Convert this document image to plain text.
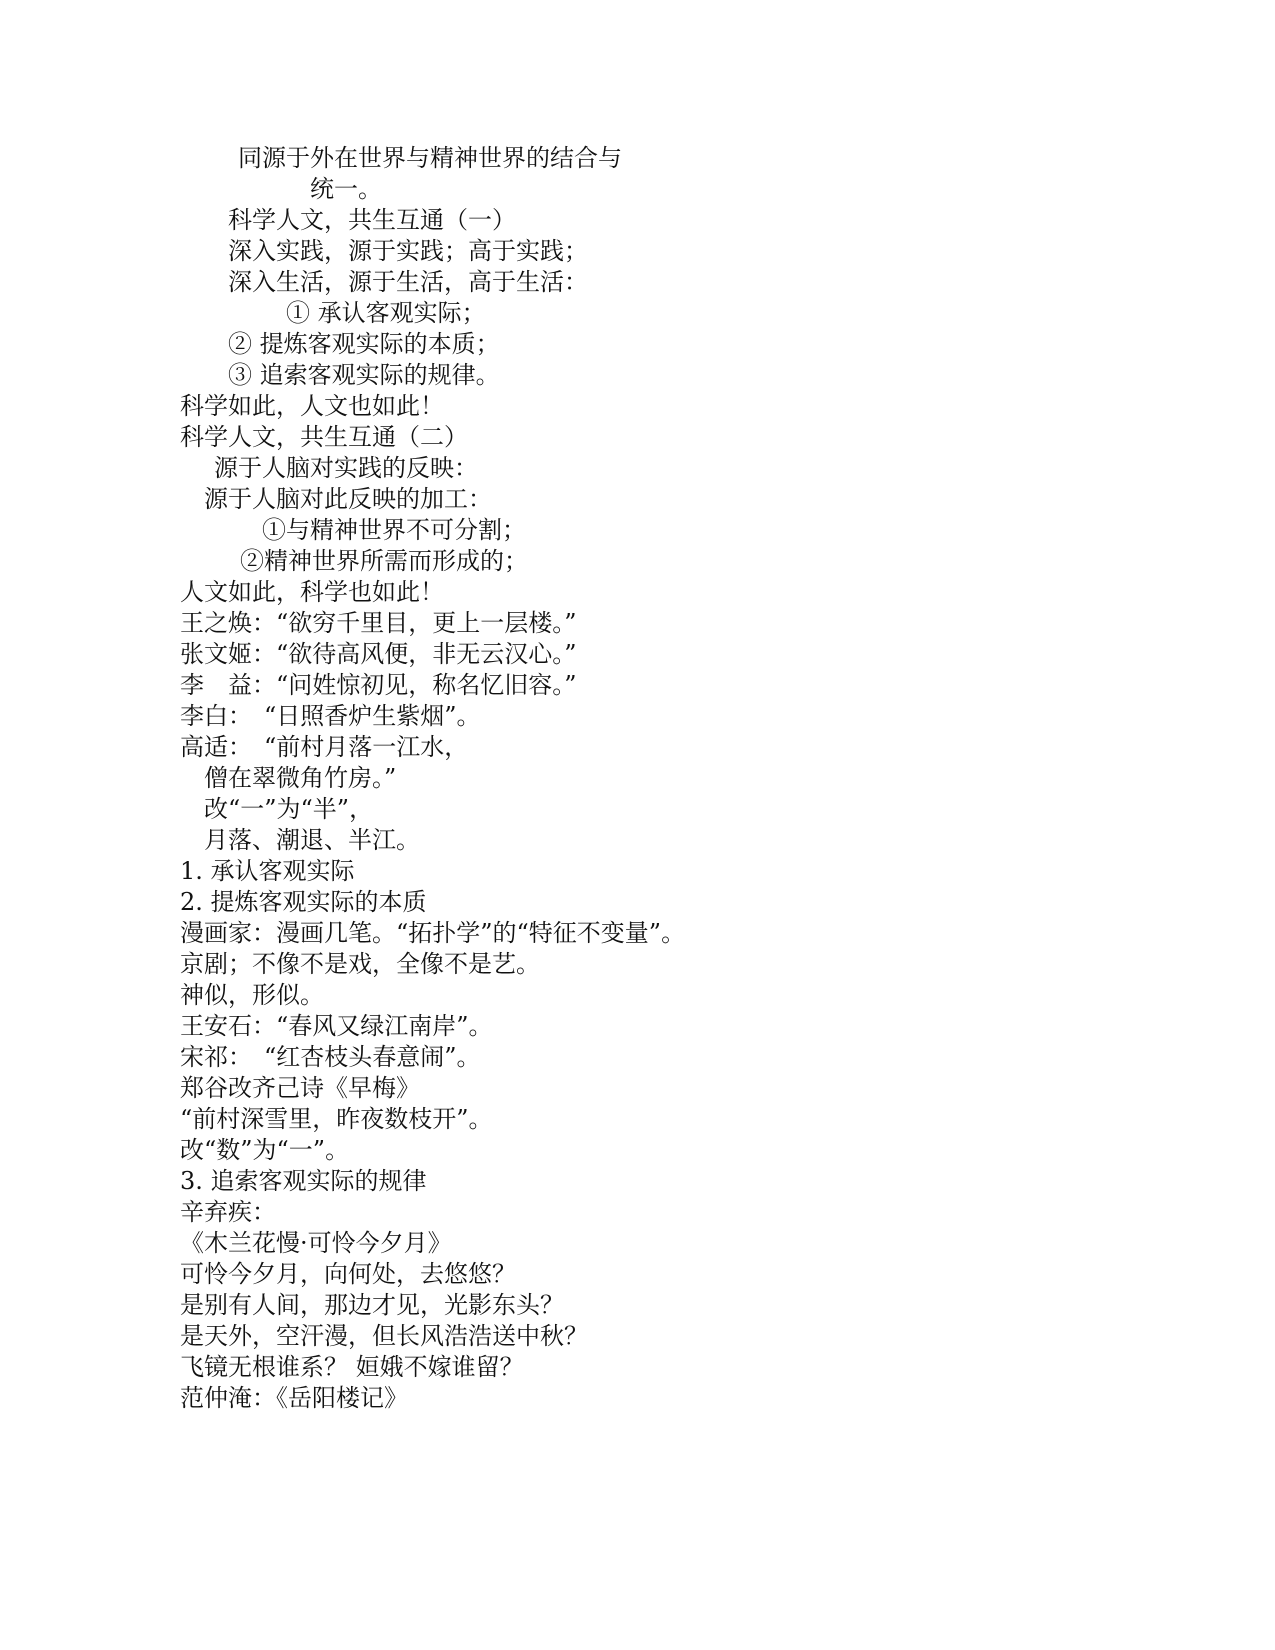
同源于外在世界与精神世界的结合与
统一。
科学人文，共生互通（一）
深入实践，源于实践；高于实践；
深入生活，源于生活，高于生活：
① 承认客观实际；
② 提炼客观实际的本质；
③ 追索客观实际的规律。
科学如此，人文也如此！
科学人文，共生互通（二）
源于人脑对实践的反映：
源于人脑对此反映的加工：
①与精神世界不可分割；
②精神世界所需而形成的；
人文如此，科学也如此！
王之焕：“欲穷千里目，更上一层楼。”
张文姬：“欲待高风便，非无云汉心。”
李　益：“问姓惊初见，称名忆旧容。”
李白：　“日照香炉生紫烟”。
高适：　“前村月落一江水，
僧在翠微角竹房。”
改“一”为“半”，
月落、潮退、半江。
1. 承认客观实际
2. 提炼客观实际的本质
漫画家：漫画几笔。“拓扑学”的“特征不变量”。
京剧；不像不是戏，全像不是艺。
神似，形似。
王安石：“春风又绿江南岸”。
宋祁：　“红杏枝头春意闹”。
郑谷改齐己诗《早梅》
“前村深雪里，昨夜数枝开”。
改“数”为“一”。
3. 追索客观实际的规律
辛弃疾：
《木兰花慢·可怜今夕月》
可怜今夕月，向何处，去悠悠？
是别有人间，那边才见，光影东头？
是天外，空汗漫，但长风浩浩送中秋？
飞镜无根谁系？ 姮娥不嫁谁留？
范仲淹：《岳阳楼记》
